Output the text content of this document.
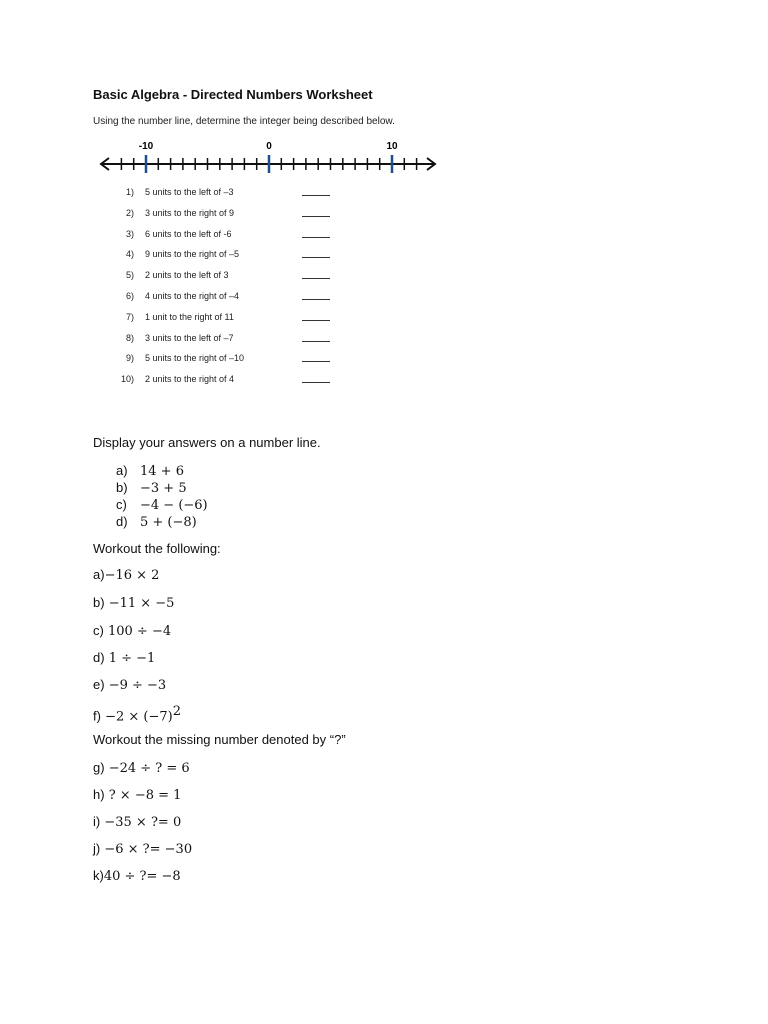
Basic Algebra - Directed Numbers Worksheet
Using the number line, determine the integer being described below.
-10	0	10
1) 5 units to the left of –3
2) 3 units to the right of 9
3) 6 units to the left of -6
4) 9 units to the right of –5
5) 2 units to the left of 3
6) 4 units to the right of –4
7) 1 unit to the right of 11
8) 3 units to the left of –7
9) 5 units to the right of –10
10) 2 units to the right of 4
Display your answers on a number line.
a) 14 + 6
b) −3 + 5
c) −4 − (−6)
d) 5 + (−8)
Workout the following:
a)−16 × 2
b) −11 × −5
c) 100 ÷ −4
d) 1 ÷ −1
e) −9 ÷ −3
$f) -2 \times (-7)^2$
Workout the missing number denoted by “?”
g) −24 ÷ ? = 6
h) ? × −8 = 1
i) −35 × ?= 0
j) −6 × ?= −30
k)40 ÷ ?= −8
